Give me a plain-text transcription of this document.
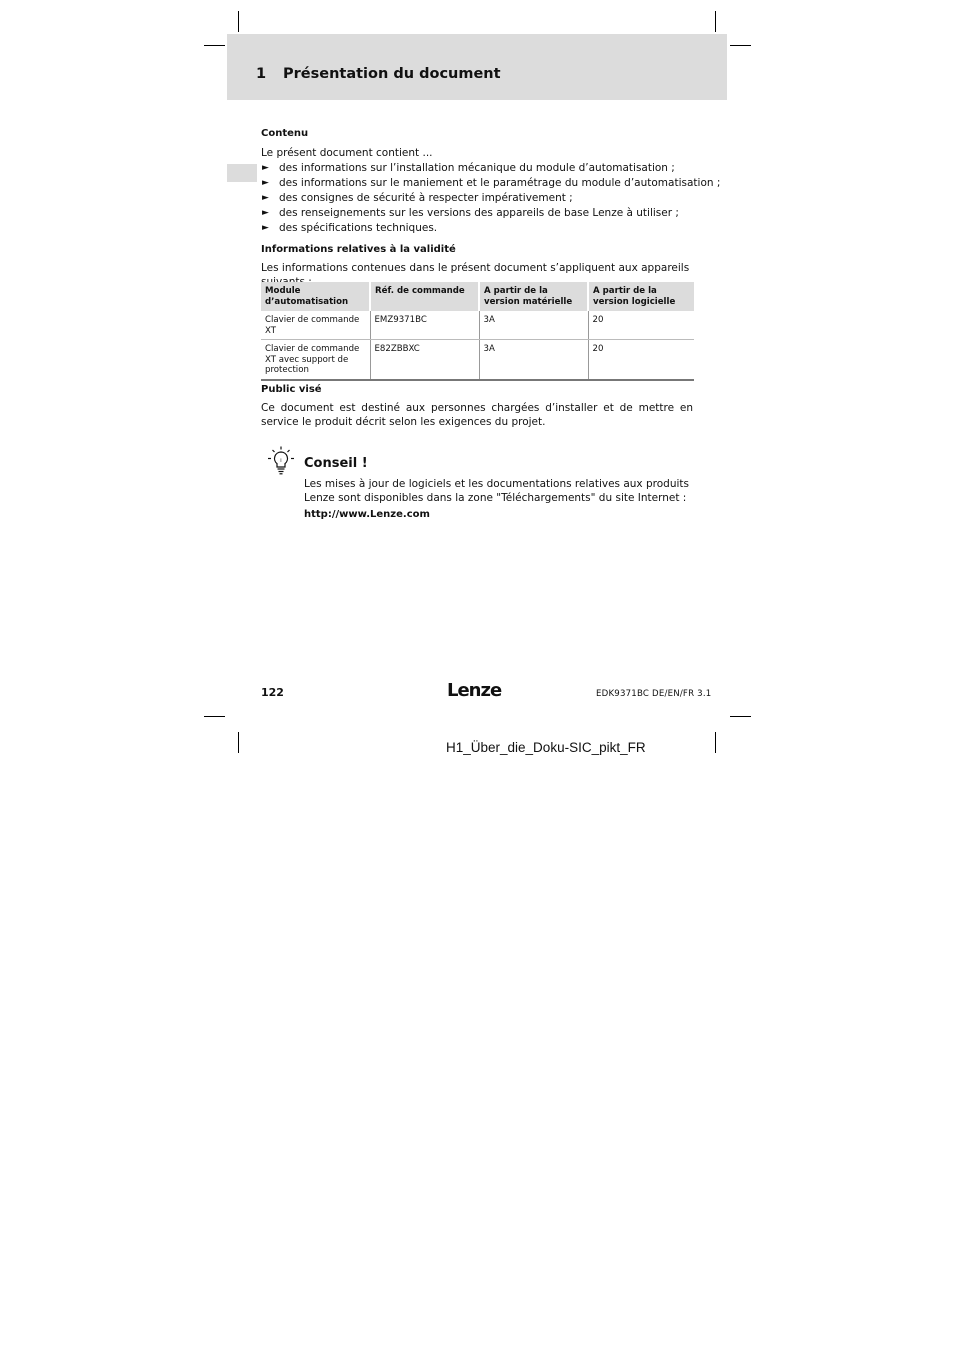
1 Présentation du document
Contenu

Le présent document contient ...

► des informations sur l’installation mécanique du module d’automatisation ;
► des informations sur le maniement et le paramétrage du module d’automatisation ;
► des consignes de sécurité à respecter impérativement ;
► des renseignements sur les versions des appareils de base Lenze à utiliser ;
► des spécifications techniques.
Informations relatives à la validité

Les informations contenues dans le présent document s’appliquent aux appareils

Module d’automatisation	Réf. de commande	A partir de la version matérielle	A partir de la version logicielle
Clavier de commande XT	EMZ9371BC	3A	20
Clavier de commande XT avec support de protection	E82ZBBXC	3A	20
Public visé

Ce document est destiné aux personnes chargées d’installer et de mettre en service le produit décrit selon les exigences du projet.

i Conseil !

Les mises à jour de logiciels et les documentations relatives aux produits Lenze sont disponibles dans la zone "Téléchargements" du site Internet :

http://www.Lenze.com

122	Lenze	EDK9371BC DE/EN/FR 3.1

H1_Über_die_Doku-SIC_pikt_FR
